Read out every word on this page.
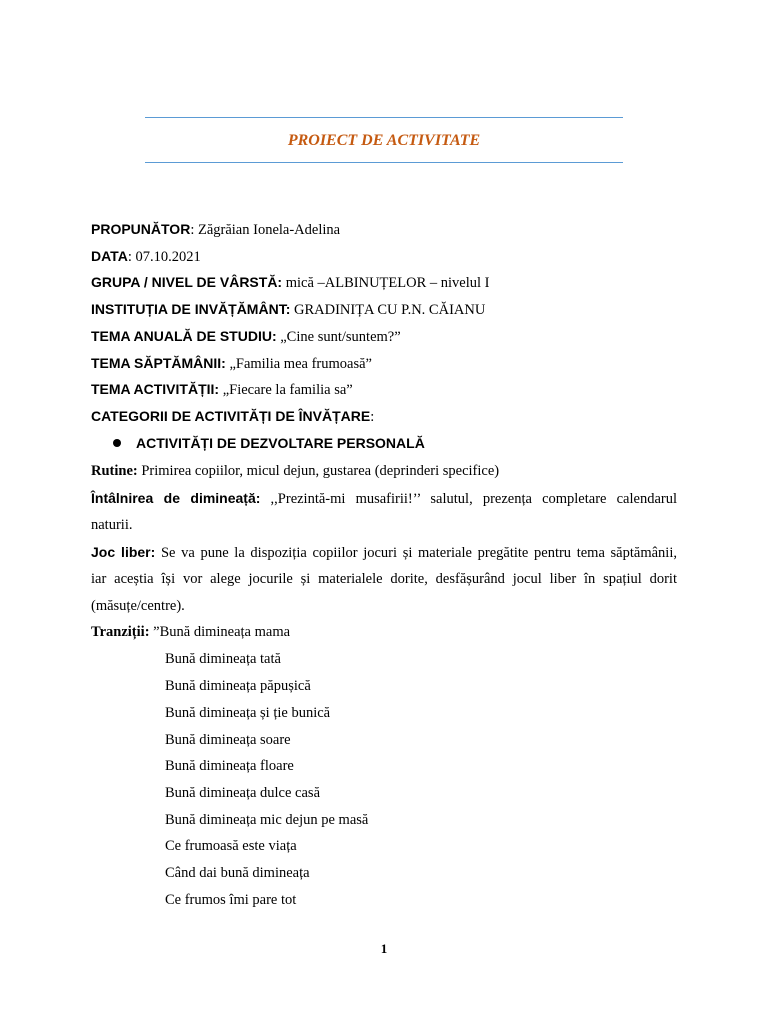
PROIECT DE ACTIVITATE
PROPUNĂTOR: Zăgrăian Ionela-Adelina
DATA: 07.10.2021
GRUPA / NIVEL DE VÂRSTĂ: mică –ALBINUȚELOR – nivelul I
INSTITUȚIA DE INVĂȚĂMÂNT: GRADINIȚA CU P.N. CĂIANU
TEMA ANUALĂ DE STUDIU: „Cine sunt/suntem?”
TEMA SĂPTĂMÂNII: „Familia mea frumoasă”
TEMA ACTIVITĂȚII: „Fiecare la familia sa”
CATEGORII DE ACTIVITĂȚI DE ÎNVĂȚARE:
ACTIVITĂȚI DE DEZVOLTARE PERSONALĂ
Rutine: Primirea copiilor, micul dejun, gustarea (deprinderi specifice)
Întâlnirea de dimineață: ,,Prezintă-mi musafirii!’’ salutul, prezența completare calendarul
naturii.
Joc liber: Se va pune la dispoziția copiilor jocuri și materiale pregătite pentru tema săptămânii,
iar aceștia își vor alege jocurile și materialele dorite, desfășurând jocul liber în spațiul dorit
(măsuțe/centre).
Tranziții: ”Bună dimineața mama
Bună dimineața tată
Bună dimineața păpușică
Bună dimineața și ție bunică
Bună dimineața soare
Bună dimineața floare
Bună dimineața dulce casă
Bună dimineața mic dejun pe masă
Ce frumoasă este viața
Când dai bună dimineața
Ce frumos îmi pare tot
1
